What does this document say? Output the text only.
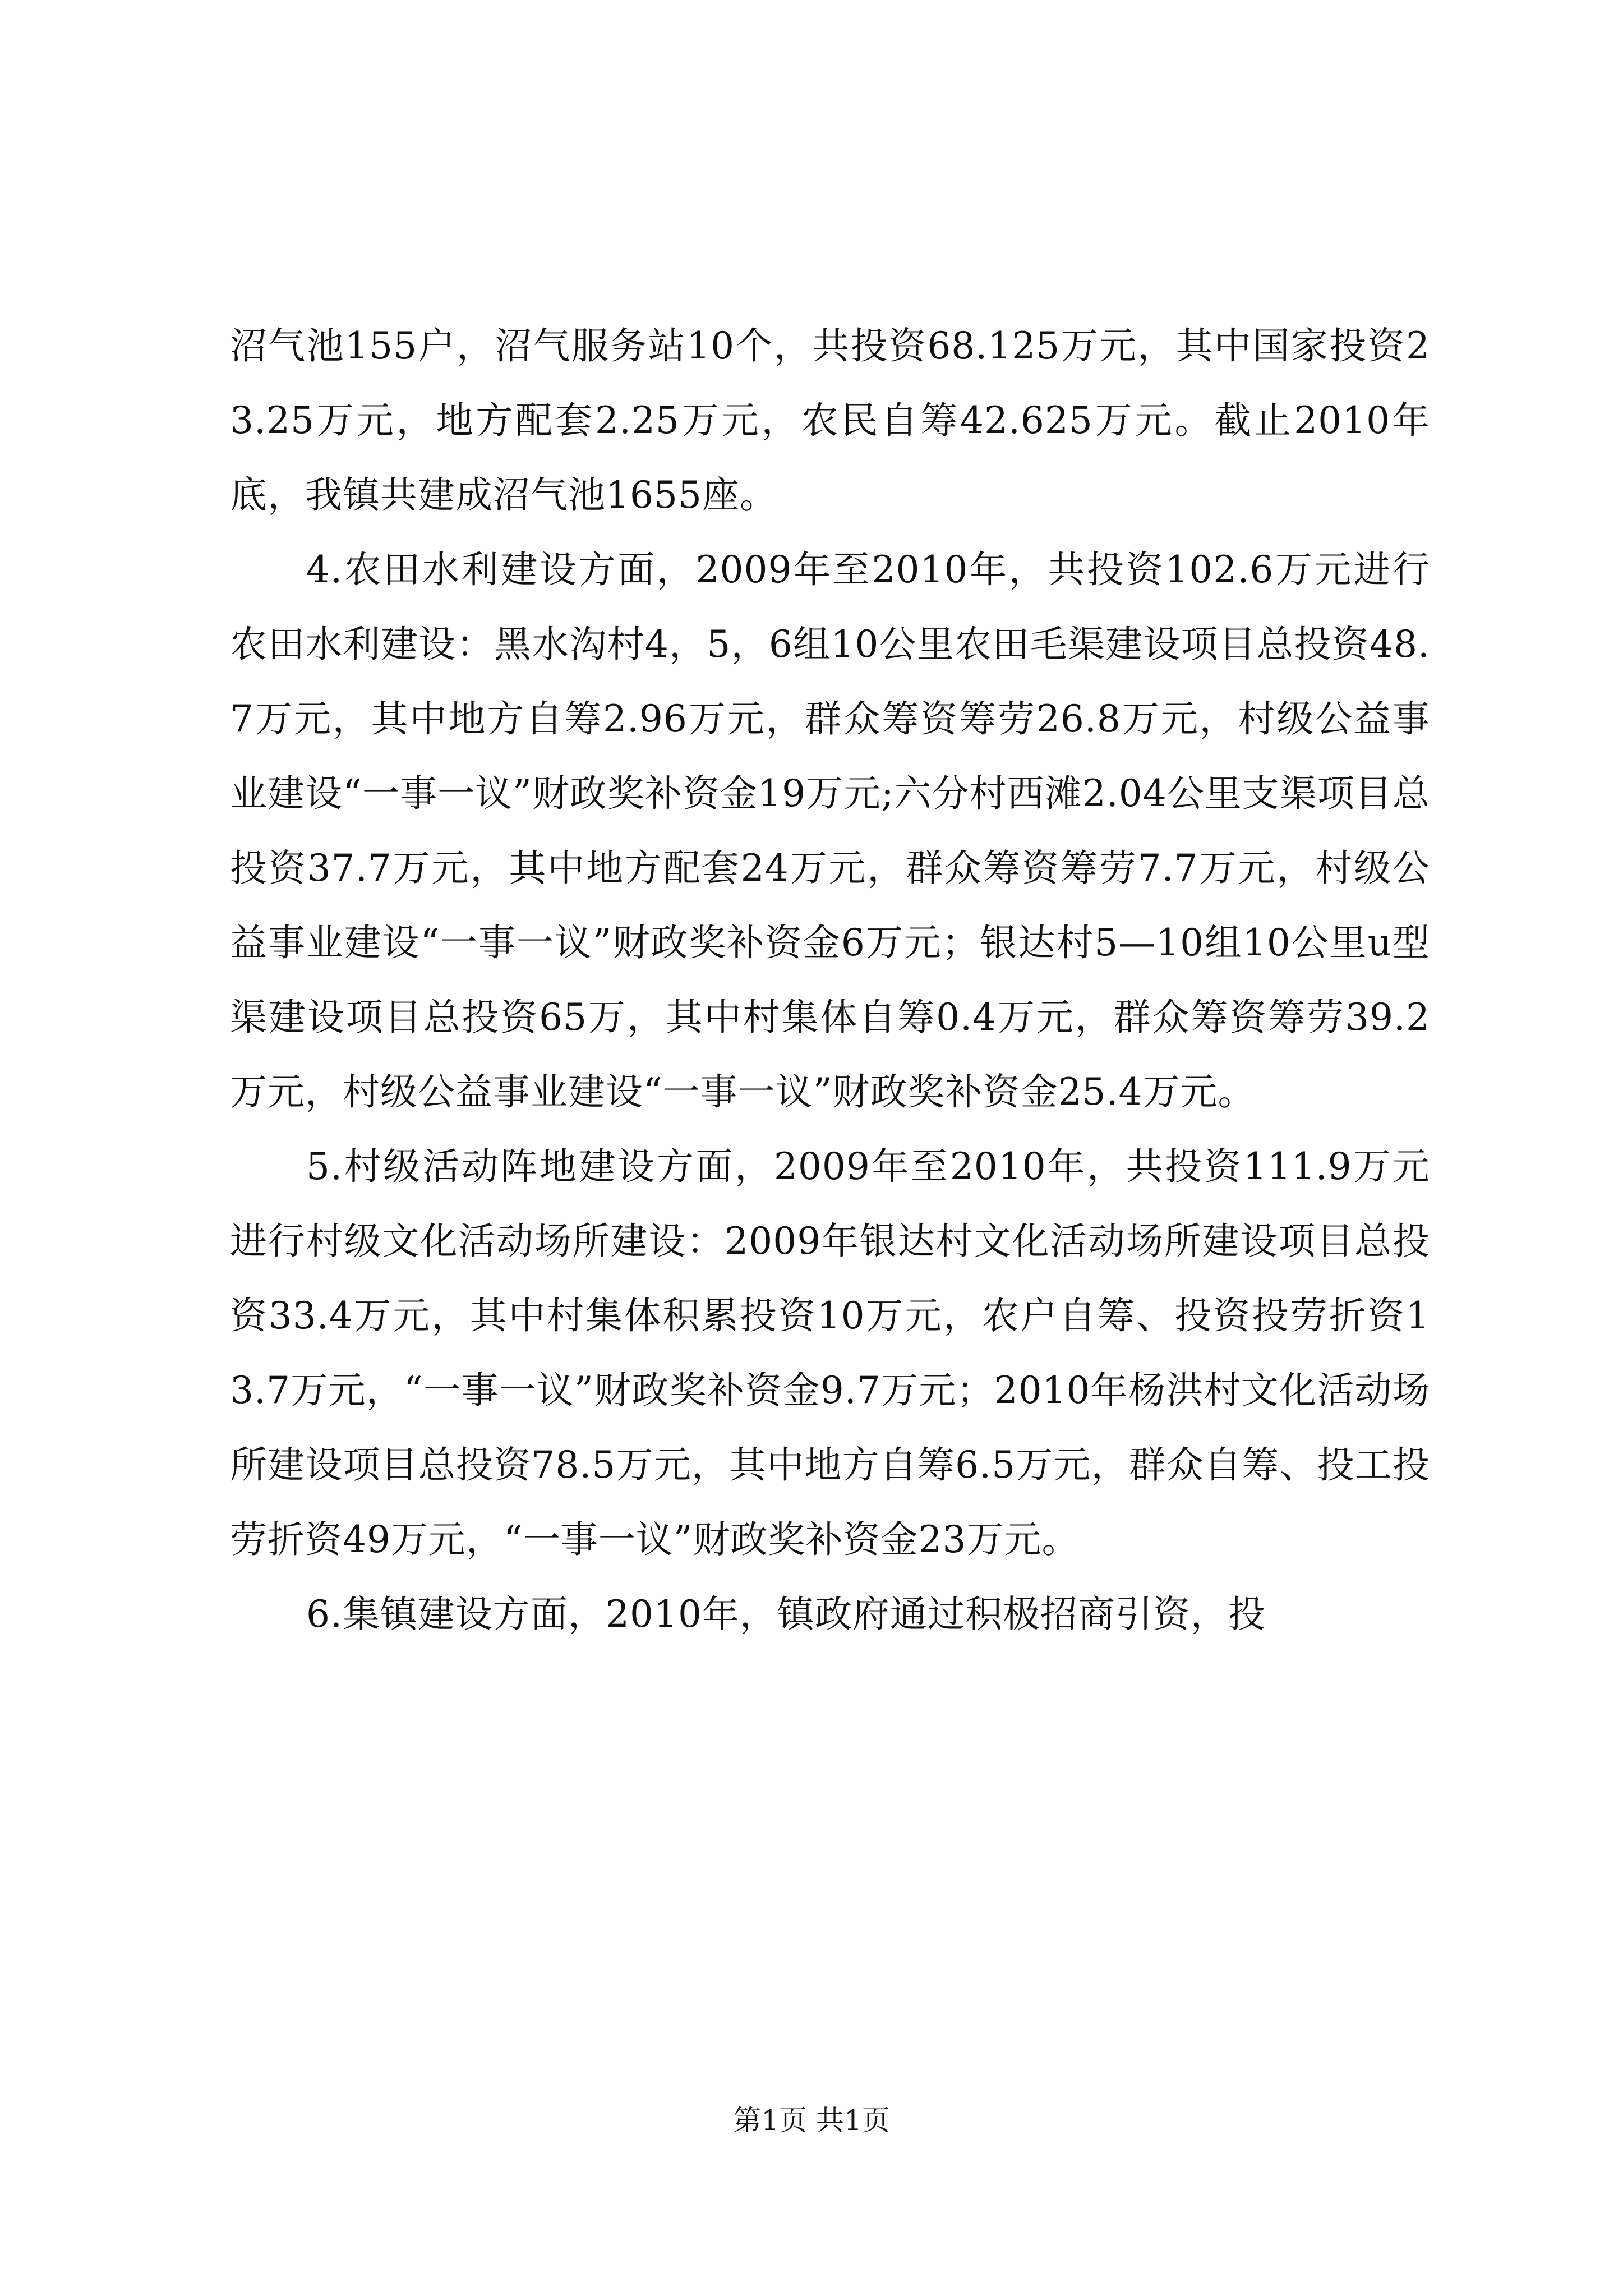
沼气池155户，沼气服务站10个，共投资68.125万元，其中国家投资23.25万元，地方配套2.25万元，农民自筹42.625万元。截止2010年底，我镇共建成沼气池1655座。

4.农田水利建设方面，2009年至2010年，共投资102.6万元进行农田水利建设：黑水沟村4，5，6组10公里农田毛渠建设项目总投资48.7万元，其中地方自筹2.96万元，群众筹资筹劳26.8万元，村级公益事业建设“一事一议”财政奖补资金19万元;六分村西滩2.04公里支渠项目总投资37.7万元，其中地方配套24万元，群众筹资筹劳7.7万元，村级公益事业建设“一事一议”财政奖补资金6万元；银达村5—10组10公里u型渠建设项目总投资65万，其中村集体自筹0.4万元，群众筹资筹劳39.2万元，村级公益事业建设“一事一议”财政奖补资金25.4万元。

5.村级活动阵地建设方面，2009年至2010年，共投资111.9万元进行村级文化活动场所建设：2009年银达村文化活动场所建设项目总投资33.4万元，其中村集体积累投资10万元，农户自筹、投资投劳折资13.7万元，“一事一议”财政奖补资金9.7万元；2010年杨洪村文化活动场所建设项目总投资78.5万元，其中地方自筹6.5万元，群众自筹、投工投劳折资49万元，“一事一议”财政奖补资金23万元。

6.集镇建设方面，2010年，镇政府通过积极招商引资，投

第1页 共1页
